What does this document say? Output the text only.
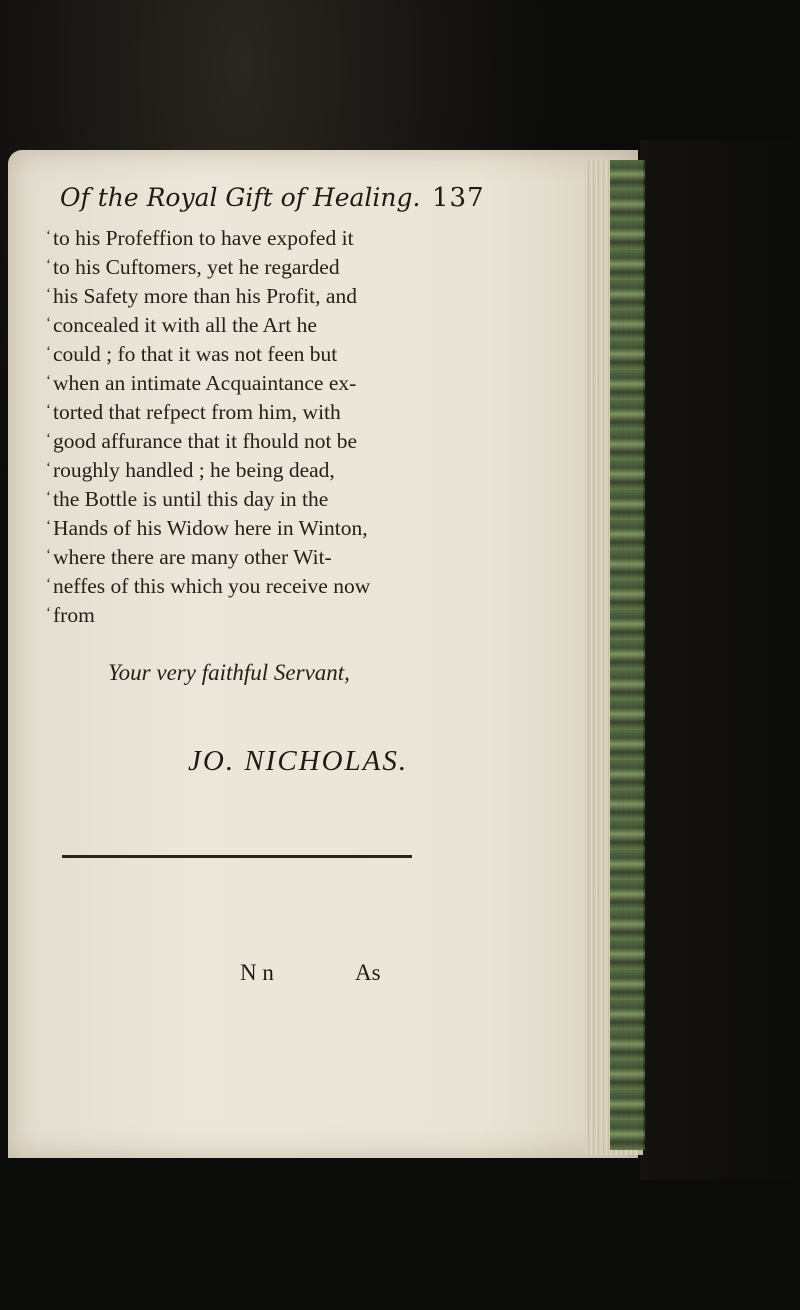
Of the Royal Gift of Healing. 137
‘to his Profeffion to have expofed it
‘to his Cuftomers, yet he regarded
‘his Safety more than his Profit, and
‘concealed it with all the Art he
‘could ; fo that it was not feen but
‘when an intimate Acquaintance ex-
‘torted that refpect from him, with
‘good affurance that it fhould not be
‘roughly handled ; he being dead,
‘the Bottle is until this day in the
‘Hands of his Widow here in Winton,
‘where there are many other Wit-
‘neffes of this which you receive now
‘from
Your very faithful Servant,
JO. NICHOLAS.
N n	As
